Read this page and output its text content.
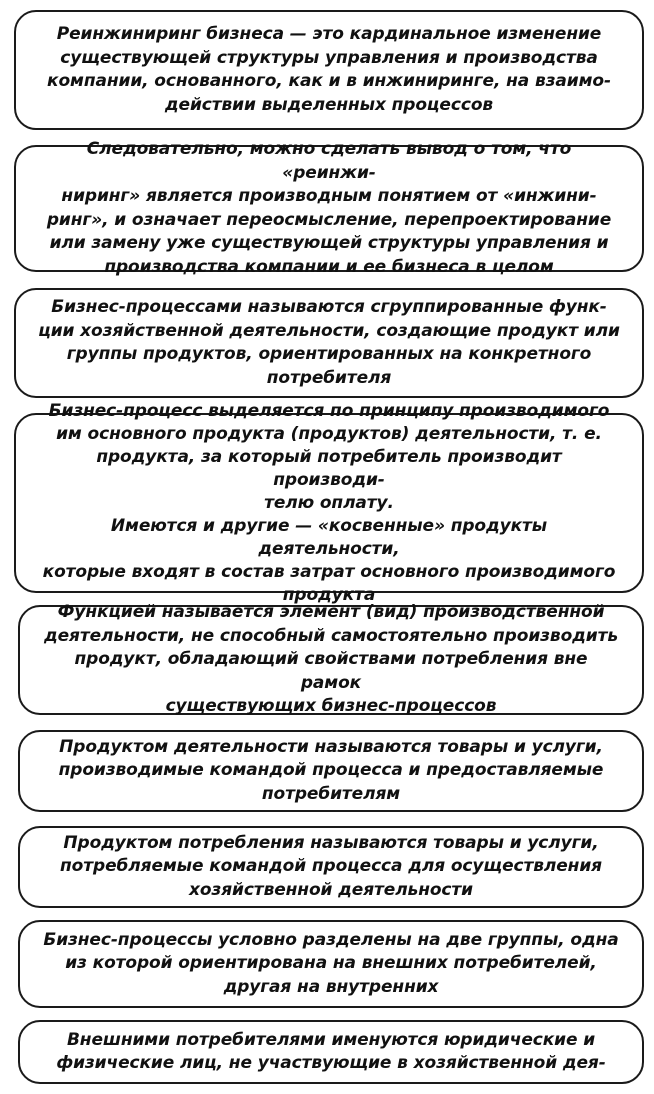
Реинжиниринг бизнеса — это кардинальное изменение
существующей структуры управления и производства
компании, основанного, как и в инжиниринге, на взаимо-
действии выделенных процессов

Следовательно, можно сделать вывод о том, что «реинжи-
ниринг» является производным понятием от «инжини-
ринг», и означает переосмысление, перепроектирование
или замену уже существующей структуры управления и
производства компании и ее бизнеса в целом

Бизнес-процессами называются сгруппированные функ-
ции хозяйственной деятельности, создающие продукт или
группы продуктов, ориентированных на конкретного
потребителя

Бизнес-процесс выделяется по принципу производимого
им основного продукта (продуктов) деятельности, т. е.
продукта, за который потребитель производит производи-
телю оплату.

Имеются и другие — «косвенные» продукты деятельности,
которые входят в состав затрат основного производимого
продукта

Функцией называется элемент (вид) производственной
деятельности, не способный самостоятельно производить
продукт, обладающий свойствами потребления вне рамок
существующих бизнес-процессов

Продуктом деятельности называются товары и услуги,
производимые командой процесса и предоставляемые
потребителям

Продуктом потребления называются товары и услуги,
потребляемые командой процесса для осуществления
хозяйственной деятельности

Бизнес-процессы условно разделены на две группы, одна
из которой ориентирована на внешних потребителей,
другая на внутренних

Внешними потребителями именуются юридические и
физические лиц, не участвующие в хозяйственной дея-
